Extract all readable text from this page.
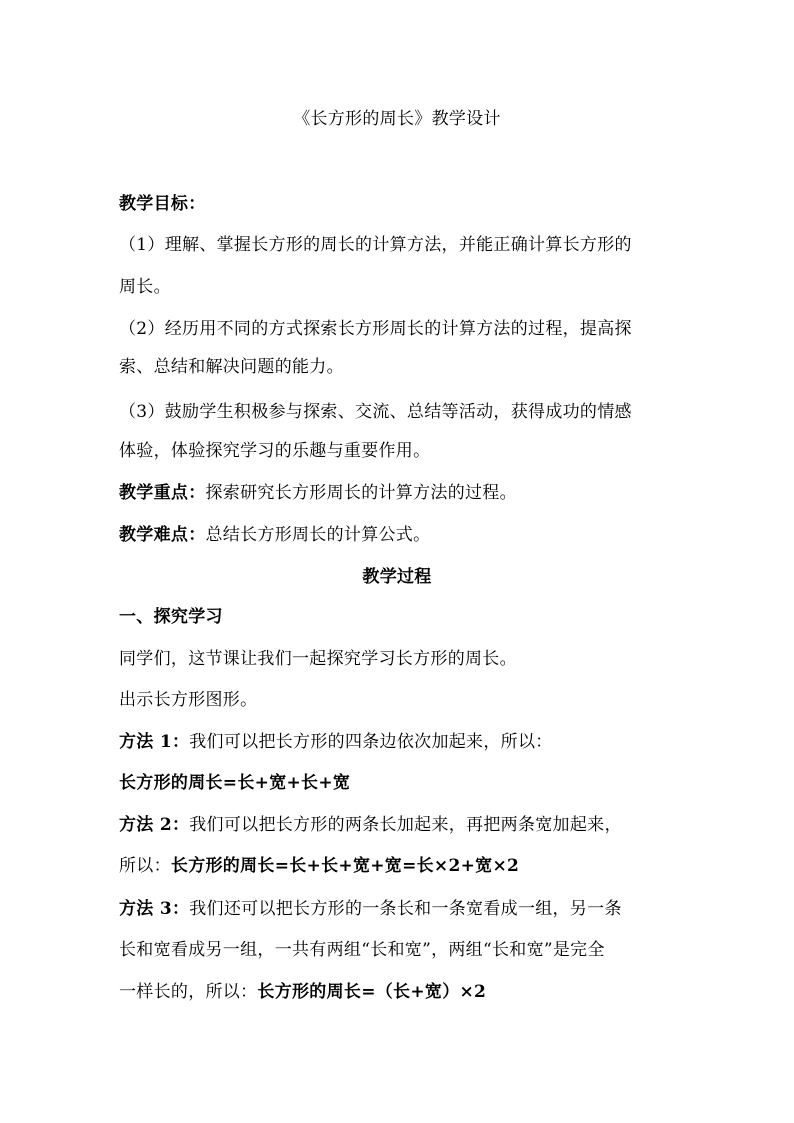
《长方形的周长》教学设计
教学目标：
（1）理解、掌握长方形的周长的计算方法，并能正确计算长方形的
周长。
（2）经历用不同的方式探索长方形周长的计算方法的过程，提高探
索、总结和解决问题的能力。
（3）鼓励学生积极参与探索、交流、总结等活动，获得成功的情感
体验，体验探究学习的乐趣与重要作用。
教学重点：探索研究长方形周长的计算方法的过程。
教学难点：总结长方形周长的计算公式。
教学过程
一、探究学习
同学们，这节课让我们一起探究学习长方形的周长。
出示长方形图形。
方法 1：我们可以把长方形的四条边依次加起来，所以：
长方形的周长=长+宽+长+宽
方法 2：我们可以把长方形的两条长加起来，再把两条宽加起来，
所以：长方形的周长=长+长+宽+宽=长×2+宽×2
方法 3：我们还可以把长方形的一条长和一条宽看成一组，另一条
长和宽看成另一组，一共有两组“长和宽”，两组“长和宽”是完全
一样长的，所以：长方形的周长=（长+宽）×2
